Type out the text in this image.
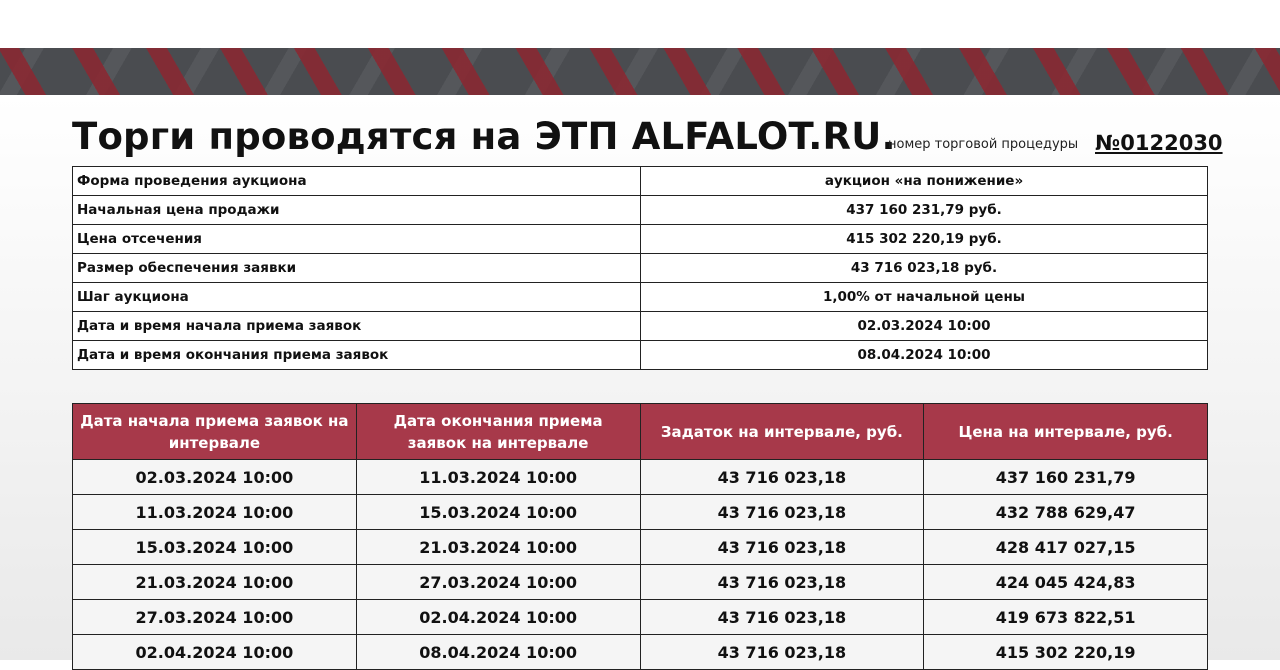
Торги проводятся на ЭТП ALFALOT.RU.
номер торговой процедуры №0122030
Форма проведения аукциона	аукцион «на понижение»
Начальная цена продажи	437 160 231,79 руб.
Цена отсечения	415 302 220,19 руб.
Размер обеспечения заявки	43 716 023,18 руб.
Шаг аукциона	1,00% от начальной цены
Дата и время начала приема заявок	02.03.2024 10:00
Дата и время окончания приема заявок	08.04.2024 10:00
Дата начала приема заявок на интервале	Дата окончания приема заявок на интервале	Задаток на интервале, руб.	Цена на интервале, руб.
02.03.2024 10:00	11.03.2024 10:00	43 716 023,18	437 160 231,79
11.03.2024 10:00	15.03.2024 10:00	43 716 023,18	432 788 629,47
15.03.2024 10:00	21.03.2024 10:00	43 716 023,18	428 417 027,15
21.03.2024 10:00	27.03.2024 10:00	43 716 023,18	424 045 424,83
27.03.2024 10:00	02.04.2024 10:00	43 716 023,18	419 673 822,51
02.04.2024 10:00	08.04.2024 10:00	43 716 023,18	415 302 220,19
